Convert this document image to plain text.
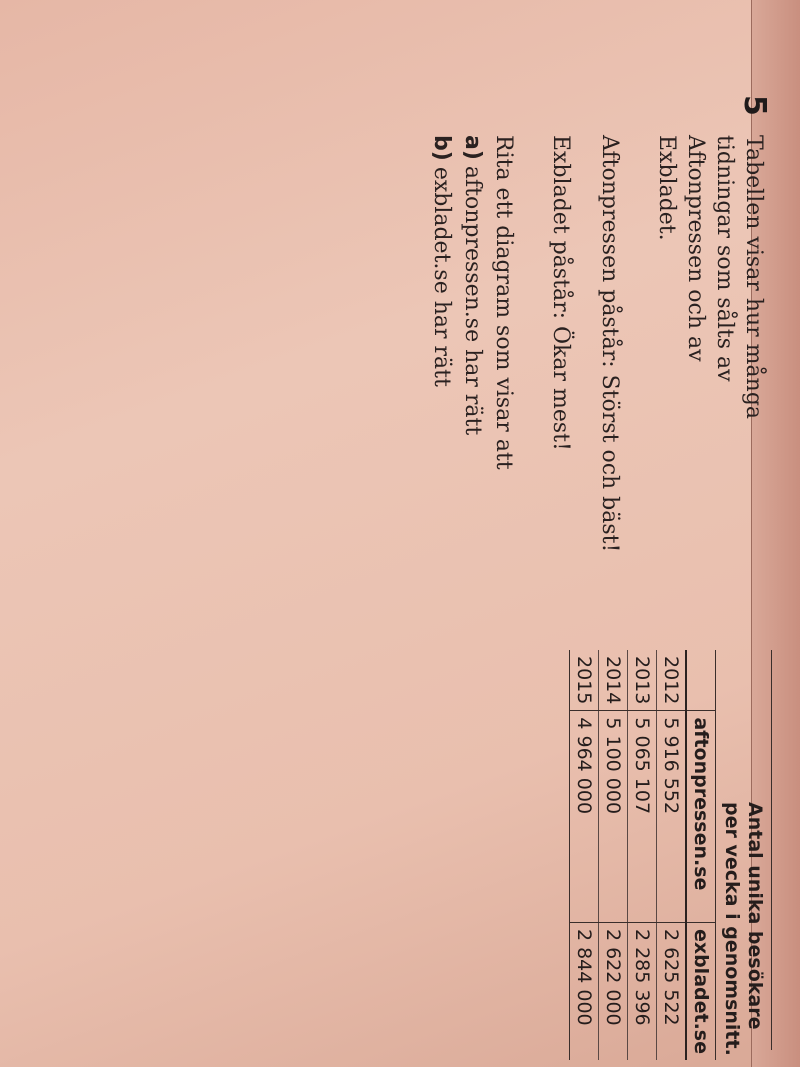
5
Tabellen visar hur många
tidningar som sålts av
Aftonpressen och av
Exbladet.
Aftonpressen påstår: Störst och bäst!
Exbladet påstår: Ökar mest!
Rita ett diagram som visar att
a)aftonpressen.se har rätt
b)exbladet.se har rätt
Antal unika besökare
per vecka i genomsnitt.
	aftonpressen.se	exbladet.se
2012	5 916 552	2 625 522
2013	5 065 107	2 285 396
2014	5 100 000	2 622 000
2015	4 964 000	2 844 000
